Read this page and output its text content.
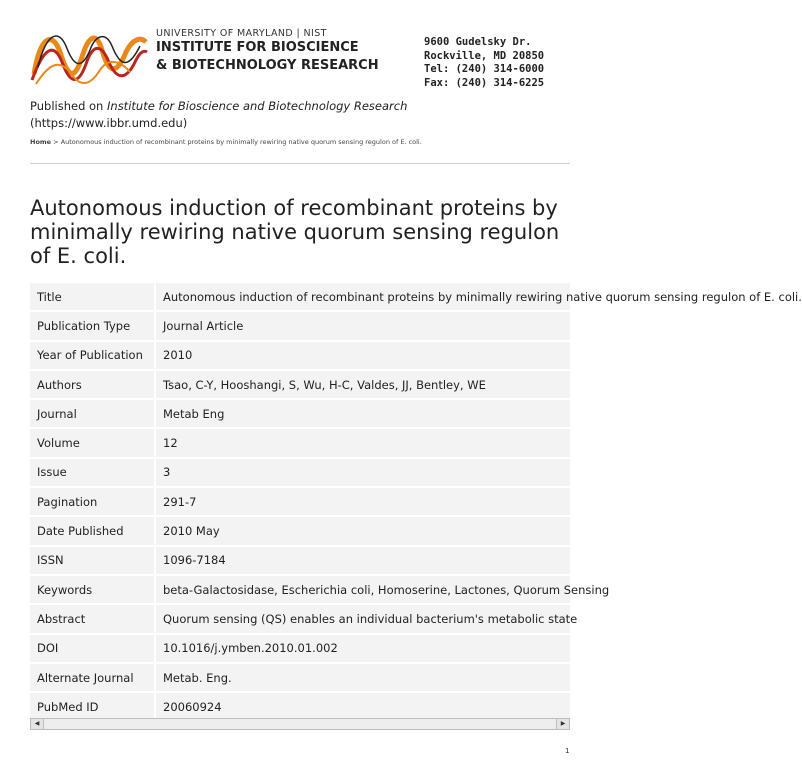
UNIVERSITY OF MARYLAND | NIST
INSTITUTE FOR BIOSCIENCE
& BIOTECHNOLOGY RESEARCH
9600 Gudelsky Dr.
Rockville, MD 20850
Tel: (240) 314-6000
Fax: (240) 314-6225
Published on Institute for Bioscience and Biotechnology Research
(https://www.ibbr.umd.edu)
Home > Autonomous induction of recombinant proteins by minimally rewiring native quorum sensing regulon of E. coli.
Autonomous induction of recombinant proteins by minimally rewiring native quorum sensing regulon of E. coli.
Title	Autonomous induction of recombinant proteins by minimally rewiring native quorum sensing regulon of E. coli.
Publication Type	Journal Article
Year of Publication	2010
Authors	Tsao, C-Y, Hooshangi, S, Wu, H-C, Valdes, JJ, Bentley, WE
Journal	Metab Eng
Volume	12
Issue	3
Pagination	291-7
Date Published	2010 May
ISSN	1096-7184
Keywords	beta-Galactosidase, Escherichia coli, Homoserine, Lactones, Quorum Sensing
Abstract	Quorum sensing (QS) enables an individual bacterium's metabolic state
DOI	10.1016/j.ymben.2010.01.002
Alternate Journal	Metab. Eng.
PubMed ID	20060924
◀	▶
1
